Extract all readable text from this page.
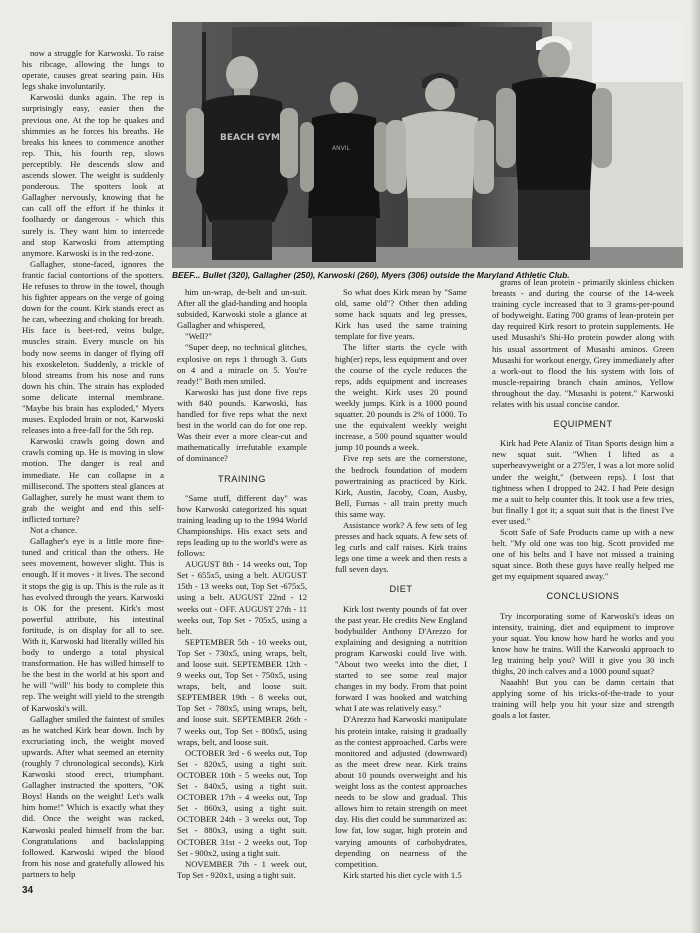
now a struggle for Karwoski. To raise his ribcage, allowing the lungs to operate, causes great searing pain. His legs shake involuntarily.

Karwoski dunks again. The rep is surprisingly easy, easier then the previous one. At the top he quakes and shimmies as he forces his breaths. He breaks his knees to commence another rep. This, his fourth rep, slows perceptibly. He descends slow and ascends slower. The weight is suddenly ponderous. The spotters look at Gallagher nervously, knowing that he can call off the effort if he thinks it foolhardy or dangerous - which this surely is. They want him to intercede and stop Karwoski from attempting anymore. Karwoski is in the red-zone.

Gallagher, stone-faced, ignores the frantic facial contortions of the spotters. He refuses to throw in the towel, though his fighter appears on the verge of going down for the count. Kirk stands erect as he can, wheezing and choking for breath. His face is beet-red, veins bulge, muscles strain. Every muscle on his body now seems in danger of flying off his exoskeleton. Suddenly, a trickle of blood streams from his nose and runs down his chin. The strain has exploded some delicate internal membrane. "Maybe his brain has exploded," Myers muses. Exploded brain or not, Karwoski releases into a free-fall for the 5th rep.

Karwoski crawls going down and crawls coming up. He is moving in slow motion. The danger is real and immediate. He can collapse in a millisecond. The spotters steal glances at Gallagher, surely he must want them to grab the weight and end this self-inflicted torture?

Not a chance.

Gallagher's eye is a little more fine-tuned and critical than the others. He sees movement, however slight. This is enough. If it moves - it lives. The second it stops the gig is up. This is the rule as it has evolved through the years. Karwoski is OK for the present. Kirk's most powerful attribute, his intestinal fortitude, is on display for all to see. With it, Karwoski had literally willed his body to undergo a total physical transformation. He has willed himself to be the best in the world at his sport and he will "will" his body to complete this rep. The weight will yield to the strength of Karwoski's will.

Gallagher smiled the faintest of smiles as he watched Kirk bear down. Inch by excruciating inch, the weight moved upwards. After what seemed an eternity (roughly 7 chronological seconds), Kirk Karwoski stood erect, triumphant. Gallagher instructed the spotters, "OK Boys! Hands on the weight! Let's walk him home!" Which is exactly what they did. Once the weight was racked, Karwoski pealed himself from the bar. Congratulations and backslapping followed. Karwoski wiped the blood from his nose and gratefully allowed his partners to help

BEACH GYM
ANVIL
BEEF... Bullet (320), Gallagher (250), Karwoski (260), Myers (306) outside the Maryland Athletic Club.

him un-wrap, de-belt and un-suit. After all the glad-handing and hoopla subsided, Karwoski stole a glance at Gallagher and whispered,

"Well?"

"Super deep, no technical glitches, explosive on reps 1 through 3. Guts on 4 and a miracle on 5. You're ready!" Both men smiled.

Karwoski has just done five reps with 840 pounds. Karwoski, has handled for five reps what the next best in the world can do for one rep. Was their ever a more clear-cut and mathematically irrefutable example of dominance?

TRAINING

"Same stuff, different day" was how Karwoski categorized his squat training leading up to the 1994 World Championships. His exact sets and reps leading up to the world's were as follows:

AUGUST 8th - 14 weeks out, Top Set - 655x5, using a belt. AUGUST 15th - 13 weeks out, Top Set -675x5, using a belt. AUGUST 22nd - 12 weeks out - OFF. AUGUST 27th - 11 weeks out, Top Set - 705x5, using a belt.

SEPTEMBER 5th - 10 weeks out, Top Set - 730x5, using wraps, belt, and loose suit. SEPTEMBER 12th - 9 weeks out, Top Set - 750x5, using wraps, belt, and loose suit. SEPTEMBER 19th - 8 weeks out, Top Set - 780x5, using wraps, belt, and loose suit. SEPTEMBER 26th - 7 weeks out, Top Set - 800x5, using wraps, belt, and loose suit.

OCTOBER 3rd - 6 weeks out, Top Set - 820x5, using a tight suit. OCTOBER 10th - 5 weeks out, Top Set - 840x5, using a tight suit. OCTOBER 17th - 4 weeks out, Top Set - 860x3, using a tight suit. OCTOBER 24th - 3 weeks out, Top Set - 880x3, using a tight suit. OCTOBER 31st - 2 weeks out, Top Set - 900x2, using a tight suit.

NOVEMBER 7th - 1 week out, Top Set - 920x1, using a tight suit.

So what does Kirk mean by "Same old, same old"? Other then adding some hack squats and leg presses, Kirk has used the same training template for five years.

The lifter starts the cycle with high(er) reps, less equipment and over the course of the cycle reduces the reps, adds equipment and increases the weight. Kirk uses 20 pound weekly jumps. Kirk is a 1000 pound squatter. 20 pounds is 2% of 1000. To use the equivalent weekly weight increase, a 500 pound squatter would jump 10 pounds a week.

Five rep sets are the cornerstone, the bedrock foundation of modern powertraining as practiced by Kirk. Kirk, Austin, Jacoby, Coan, Ausby, Bell, Furnas - all train pretty much this same way.

Assistance work? A few sets of leg presses and hack squats. A few sets of leg curls and calf raises. Kirk trains legs one time a week and then rests a full seven days.

DIET

Kirk lost twenty pounds of fat over the past year. He credits New England bodybuilder Anthony D'Arezzo for explaining and designing a nutrition program Karwoski could live with. "About two weeks into the diet, I started to see some real major changes in my body. From that point forward I was hooked and watching what I ate was relatively easy."

D'Arezzo had Karwoski manipulate his protein intake, raising it gradually as the contest approached. Carbs were monitored and adjusted (downward) as the meet drew near. Kirk trains about 10 pounds overweight and his weight loss as the contest approaches needs to be slow and gradual. This allows him to retain strength on meet day. His diet could be summarized as: low fat, low sugar, high protein and varying amounts of carbohydrates, depending on nearness of the competition.

Kirk started his diet cycle with 1.5

grams of lean protein - primarily skinless chicken breasts - and during the course of the 14-week training cycle increased that to 3 grams-per-pound of bodyweight. Eating 700 grams of lean-protein per day required Kirk resort to protein supplements. He used Musashi's Shi-Ho protein powder along with his usual assortment of Musashi aminos. Green Musashi for workout energy, Grey immediately after a work-out to flood the his system with lots of muscle-repairing branch chain aminos, Yellow throughout the day. "Musashi is potent." Karwoski relates with his usual concise candor.

EQUIPMENT

Kirk had Pete Alaniz of Titan Sports design him a new squat suit. "When I lifted as a superheavyweight or a 275'er, I was a lot more solid under the weight," (between reps). I lost that tightness when I dropped to 242. I had Pete design me a suit to help counter this. It took use a few tries, but finally I got it; a squat suit that is the finest I've ever used."

Scott Safe of Safe Products came up with a new belt. "My old one was too big. Scott provided me one of his belts and I have not missed a training squat since. Both these guys have really helped me get my equipment squared away."

CONCLUSIONS

Try incorporating some of Karwoski's ideas on intensity, training, diet and equipment to improve your squat. You know how hard he works and you know how he trains. Will the Karwoski approach to leg training help you? Will it give you 30 inch thighs, 20 inch calves and a 1000 pound squat?

Naaahh! But you can be damn certain that applying some of his tricks-of-the-trade to your training will help you hit your size and strength goals a lot faster.

34
